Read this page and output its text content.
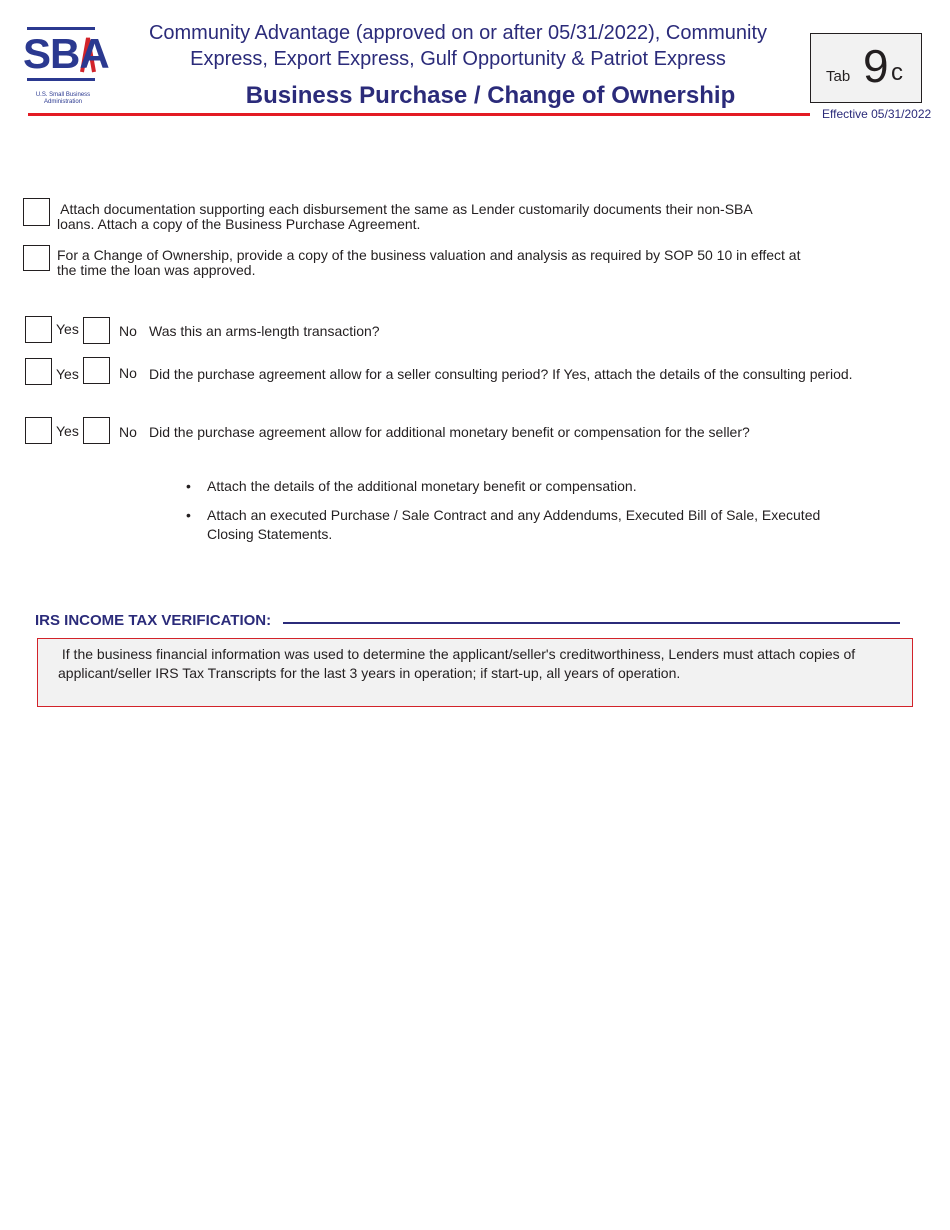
SBA
U.S. Small Business
Administration
Community Advantage (approved on or after 05/31/2022), Community
Express, Export Express, Gulf Opportunity & Patriot Express
Business Purchase / Change of Ownership
Tab 9 c
Effective 05/31/2022
Attach documentation supporting each disbursement the same as Lender customarily documents their non-SBA
loans. Attach a copy of the Business Purchase Agreement.
For a Change of Ownership, provide a copy of the business valuation and analysis as required by SOP 50 10 in effect at
the time the loan was approved.
Yes	No Was this an arms-length transaction?
Yes	No Did the purchase agreement allow for a seller consulting period? If Yes, attach the details of the consulting period.
Yes	No Did the purchase agreement allow for additional monetary benefit or compensation for the seller?
• Attach the details of the additional monetary benefit or compensation.
• Attach an executed Purchase / Sale Contract and any Addendums, Executed Bill of Sale, Executed
Closing Statements.
IRS INCOME TAX VERIFICATION:
If the business financial information was used to determine the applicant/seller's creditworthiness, Lenders must attach copies of
applicant/seller IRS Tax Transcripts for the last 3 years in operation; if start-up, all years of operation.
